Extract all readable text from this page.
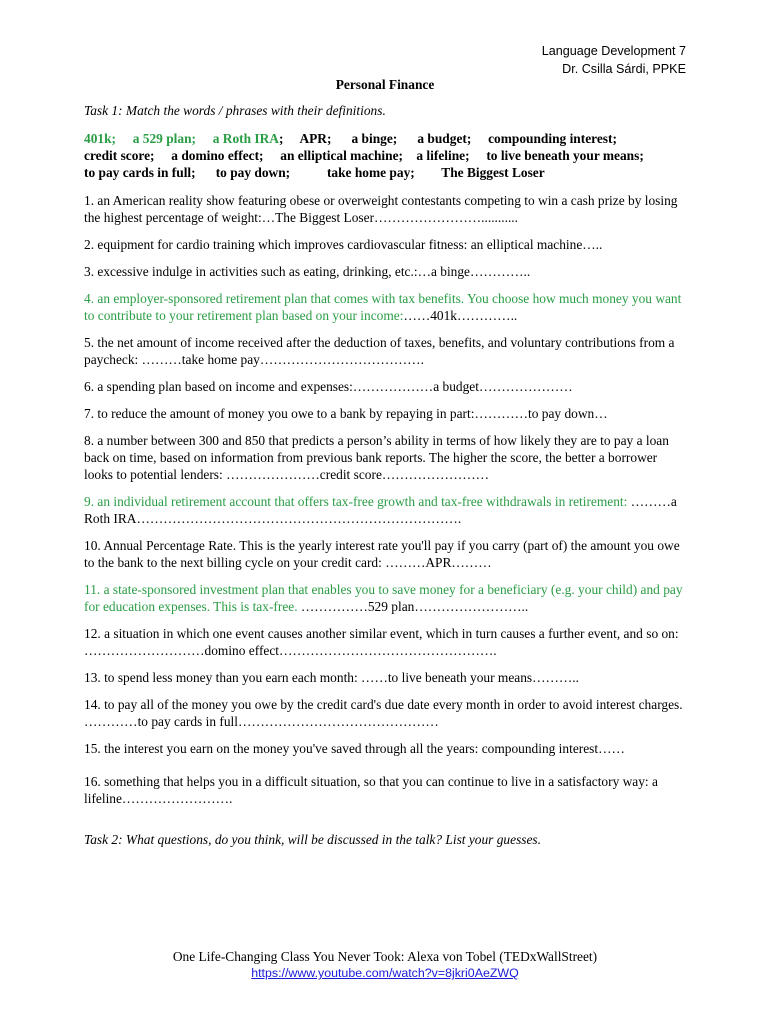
Language Development 7
Dr. Csilla Sárdi, PPKE
Personal Finance
Task 1: Match the words / phrases with their definitions.
401k; a 529 plan; a Roth IRA; APR; a binge; a budget; compounding interest;
credit score; a domino effect; an elliptical machine; a lifeline; to live beneath your means;
to pay cards in full; to pay down;	take home pay; The Biggest Loser

1. an American reality show featuring obese or overweight contestants competing to win a cash prize by losing the highest percentage of weight:…The Biggest Loser……………………...........

2. equipment for cardio training which improves cardiovascular fitness: an elliptical machine…..

3. excessive indulge in activities such as eating, drinking, etc.:…a binge…………..

4. an employer-sponsored retirement plan that comes with tax benefits. You choose how much money you want to contribute to your retirement plan based on your income:……401k…………..

5. the net amount of income received after the deduction of taxes, benefits, and voluntary contributions from a paycheck: ………take home pay……………………………….

6. a spending plan based on income and expenses:………………a budget…………………

7. to reduce the amount of money you owe to a bank by repaying in part:…………to pay down…

8. a number between 300 and 850 that predicts a person’s ability in terms of how likely they are to pay a loan back on time, based on information from previous bank reports. The higher the score, the better a borrower looks to potential lenders: …………………credit score……………………

9. an individual retirement account that offers tax-free growth and tax-free withdrawals in retirement: ………a Roth IRA……………………………………………………………….

10. Annual Percentage Rate. This is the yearly interest rate you'll pay if you carry (part of) the amount you owe to the bank to the next billing cycle on your credit card: ………APR………

11. a state-sponsored investment plan that enables you to save money for a beneficiary (e.g. your child) and pay for education expenses. This is tax-free. ……………529 plan……………………..

12. a situation in which one event causes another similar event, which in turn causes a further event, and so on: ………………………domino effect………………………………………….

13. to spend less money than you earn each month: ……to live beneath your means………..

14. to pay all of the money you owe by the credit card's due date every month in order to avoid interest charges. …………to pay cards in full………………………………………

15. the interest you earn on the money you've saved through all the years: compounding interest……

16. something that helps you in a difficult situation, so that you can continue to live in a satisfactory way: a lifeline…………………….

Task 2: What questions, do you think, will be discussed in the talk? List your guesses.
One Life-Changing Class You Never Took: Alexa von Tobel (TEDxWallStreet)
https://www.youtube.com/watch?v=8jkri0AeZWQ
